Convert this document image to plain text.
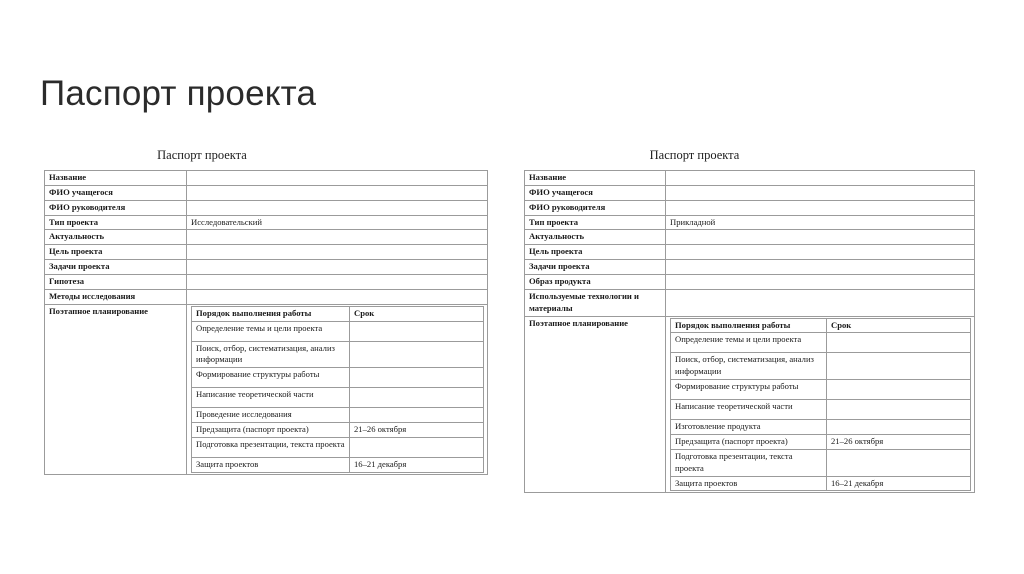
Паспорт проекта
Паспорт проекта
Название	
ФИО учащегося	
ФИО руководителя	
Тип проекта	Исследовательский
Актуальность	
Цель проекта	
Задачи проекта	
Гипотеза	
Методы исследования	
Поэтапное планирование		Порядок выполнения работы	Срок
Определение темы и цели проекта	
Поиск, отбор, систематизация, анализ информации	
Формирование структуры работы	
Написание теоретической части	
Проведение исследования	
Предзащита (паспорт проекта)	21–26 октября
Подготовка презентации, текста проекта	
Защита проектов	16–21 декабря
Паспорт проекта
Название	
ФИО учащегося	
ФИО руководителя	
Тип проекта	Прикладной
Актуальность	
Цель проекта	
Задачи проекта	
Образ продукта	
Используемые технологии и материалы	
Поэтапное планирование		Порядок выполнения работы	Срок
Определение темы и цели проекта	
Поиск, отбор, систематизация, анализ информации	
Формирование структуры работы	
Написание теоретической части	
Изготовление продукта	
Предзащита (паспорт проекта)	21–26 октября
Подготовка презентации, текста проекта	
Защита проектов	16–21 декабря
